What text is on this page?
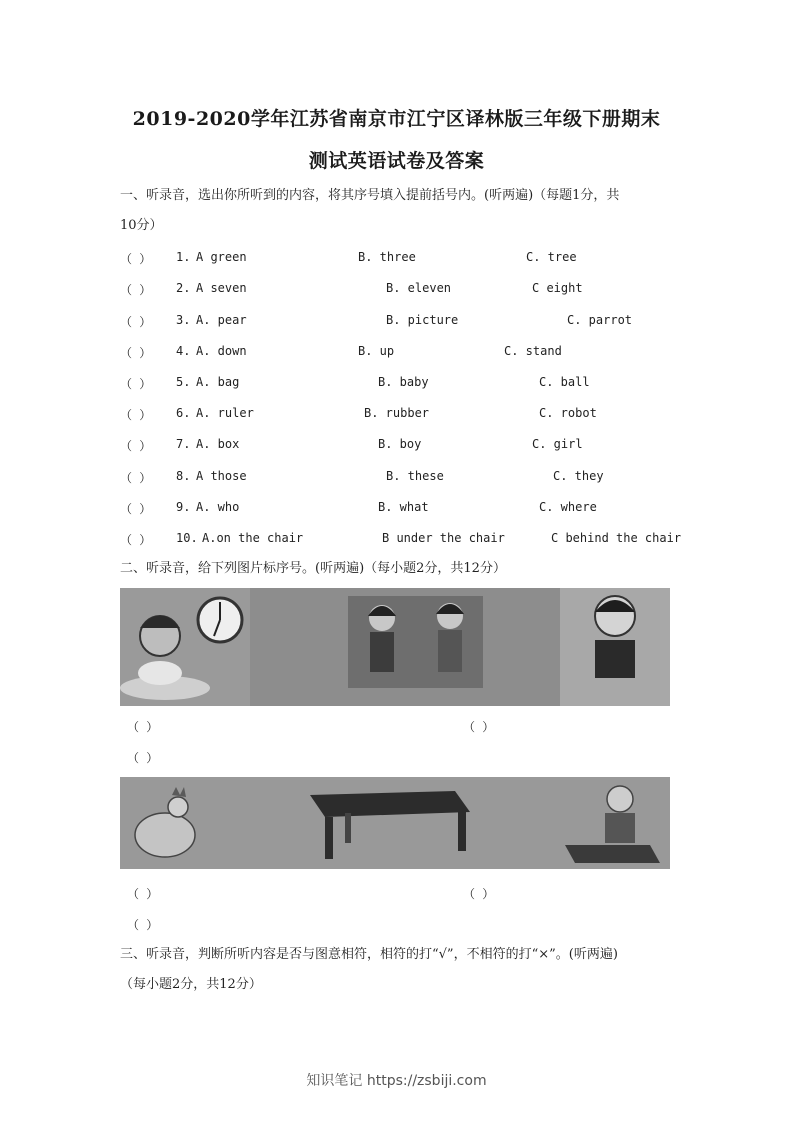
2019-2020学年江苏省南京市江宁区译林版三年级下册期末
测试英语试卷及答案
一、听录音，选出你所听到的内容，将其序号填入提前括号内。(听两遍)（每题1分，共
10分）
（ ） 1. A green	B. three	C. tree
（ ） 2. A seven	B. eleven	C eight
（ ） 3. A. pear	B. picture	C. parrot
（ ） 4. A. down	B. up	C. stand
（ ） 5. A. bag	B. baby	C. ball
（ ） 6. A. ruler	B. rubber	C. robot
（ ） 7. A. box	B. boy	C. girl
（ ） 8. A those	B. these	C. they
（ ） 9. A. who	B. what	C. where
（ ） 10. A.on the chair	B under the chair	C behind the chair
二、听录音，给下列图片标序号。(听两遍)（每小题2分，共12分）
（ ）	（ ）
（ ）
（ ）	（ ）
（ ）
三、听录音，判断所听内容是否与图意相符，相符的打“√”，不相符的打“×”。(听两遍)
（每小题2分，共12分）
知识笔记 https://zsbiji.com
